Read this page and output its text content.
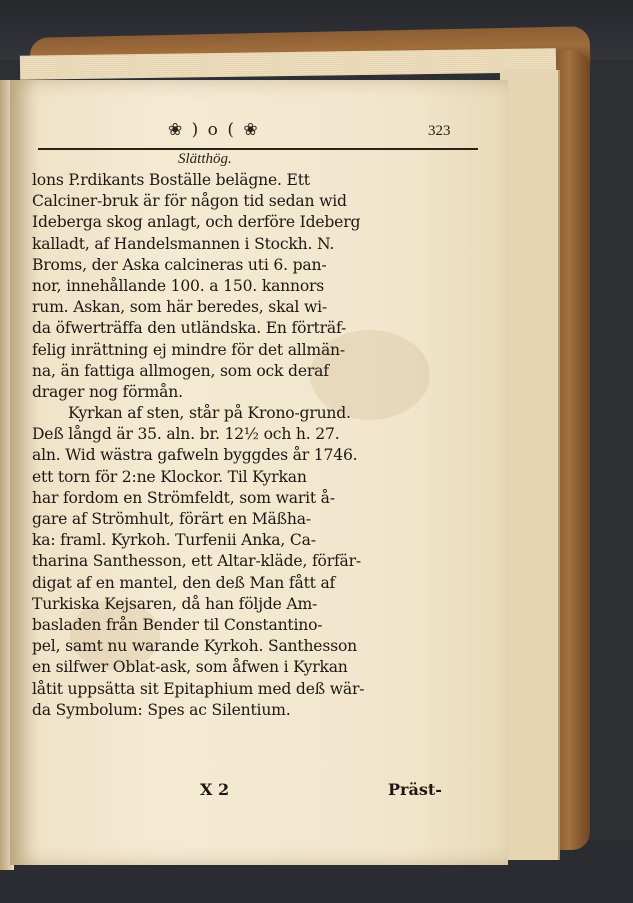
❀ ) o ( ❀	323
Slätthög.
lons P.rdikants Boställe belägne. Ett
Calciner-bruk är för någon tid sedan wid
Ideberga skog anlagt, och derföre Ideberg
kalladt, af Handelsmannen i Stockh. N.
Broms, der Aska calcineras uti 6. pan-
nor, innehållande 100. a 150. kannors
rum. Askan, som här beredes, skal wi-
da öfwerträffa den utländska. En förträf-
felig inrättning ej mindre för det allmän-
na, än fattiga allmogen, som ock deraf
drager nog förmån.
Kyrkan af sten, står på Krono-grund.
Deß långd är 35. aln. br. 12½ och h. 27.
aln. Wid wästra gafweln byggdes år 1746.
ett torn för 2:ne Klockor. Til Kyrkan
har fordom en Strömfeldt, som warit å-
gare af Strömhult, förärt en Mäßha-
ka: framl. Kyrkoh. Turfenii Anka, Ca-
tharina Santhesson, ett Altar-kläde, förfär-
digat af en mantel, den deß Man fått af
Turkiska Kejsaren, då han följde Am-
basladen från Bender til Constantino-
pel, samt nu warande Kyrkoh. Santhesson
en silfwer Oblat-ask, som åfwen i Kyrkan
låtit uppsätta sit Epitaphium med deß wär-
da Symbolum: Spes ac Silentium.
X 2	Präst-
